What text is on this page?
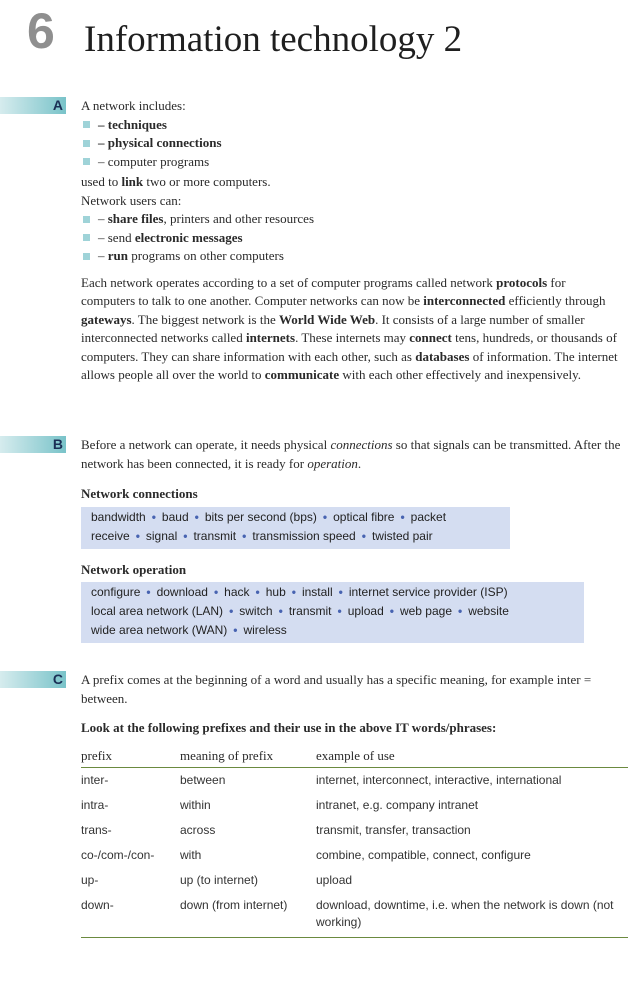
6 Information technology 2
A A network includes:

– techniques
– physical connections
– computer programs

used to link two or more computers.

Network users can:

– share files, printers and other resources
– send electronic messages
– run programs on other computers

Each network operates according to a set of computer programs called network protocols for computers to talk to one another. Computer networks can now be interconnected efficiently through gateways. The biggest network is the World Wide Web. It consists of a large number of smaller interconnected networks called internets. These internets may connect tens, hundreds, or thousands of computers. They can share information with each other, such as databases of information. The internet allows people all over the world to communicate with each other effectively and inexpensively.

B Before a network can operate, it needs physical connections so that signals can be transmitted. After the network has been connected, it is ready for operation.

Network connections
bandwidth • baud • bits per second (bps) • optical fibre • packet
receive • signal • transmit • transmission speed • twisted pair
Network operation
configure • download • hack • hub • install • internet service provider (ISP)
local area network (LAN) • switch • transmit • upload • web page • website
wide area network (WAN) • wireless
C A prefix comes at the beginning of a word and usually has a specific meaning, for example inter = between.
Look at the following prefixes and their use in the above IT words/phrases:
prefix	meaning of prefix	example of use
inter-	between	internet, interconnect, interactive, international
intra-	within	intranet, e.g. company intranet
trans-	across	transmit, transfer, transaction
co-/com-/con-	with	combine, compatible, connect, configure
up-	up (to internet)	upload
down-	down (from internet)	download, downtime, i.e. when the network is down (not working)
